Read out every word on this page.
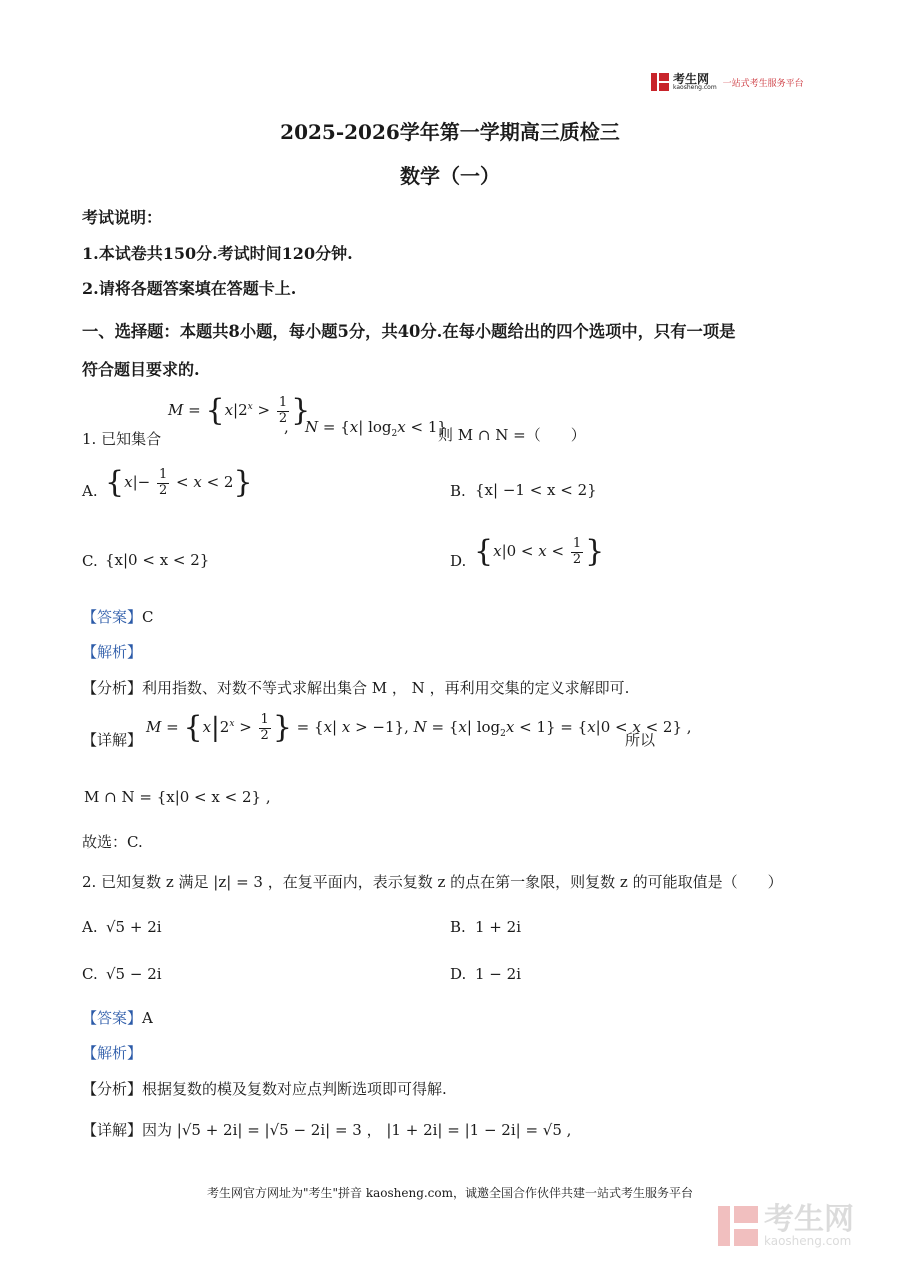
考生网
kaosheng.com 一站式考生服务平台
2025-2026学年第一学期高三质检三
数学（一）
考试说明：
1.本试卷共150分.考试时间120分钟.
2.请将各题答案填在答题卡上.
一、选择题：本题共8小题，每小题5分，共40分.在每小题给出的四个选项中，只有一项是
符合题目要求的.
1. 已知集合
$M = \{x|2^x > \frac{1}{2}$ }
, N = {x| $\log_2x < 1$}
则 M ∩ N =（　　）
A. $\{x|- \frac{1}{2} < x < 2\}$	B. {x| −1 < x < 2}
C. {x|0 < x < 2}	D. {$x|0 < x < \frac{1}{2}$ }
【答案】C
【解析】
【分析】利用指数、对数不等式求解出集合 M ， N ，再利用交集的定义求解即可.
【详解】
$M = \{x|2^x > \frac{1}{2}$ } = {x| x > −1}, N = {x| $\log_2x < 1\} = \{x|0 < x < 2\}$ ,
所以
M ∩ N = {x|0 < x < 2} ,
故选：C.
2. 已知复数 z 满足 |z| = 3 ，在复平面内，表示复数 z 的点在第一象限，则复数 z 的可能取值是（　　）
A. √5 + 2i	B. 1 + 2i
C. √5 − 2i	D. 1 − 2i
【答案】A
【解析】
【分析】根据复数的模及复数对应点判断选项即可得解.
【详解】因为 |√5 + 2i| = |√5 − 2i| = 3 ， |1 + 2i| = |1 − 2i| = √5 ,
考生网官方网址为"考生"拼音 kaosheng.com，诚邀全国合作伙伴共建一站式考生服务平台
考生网
kaosheng.com
